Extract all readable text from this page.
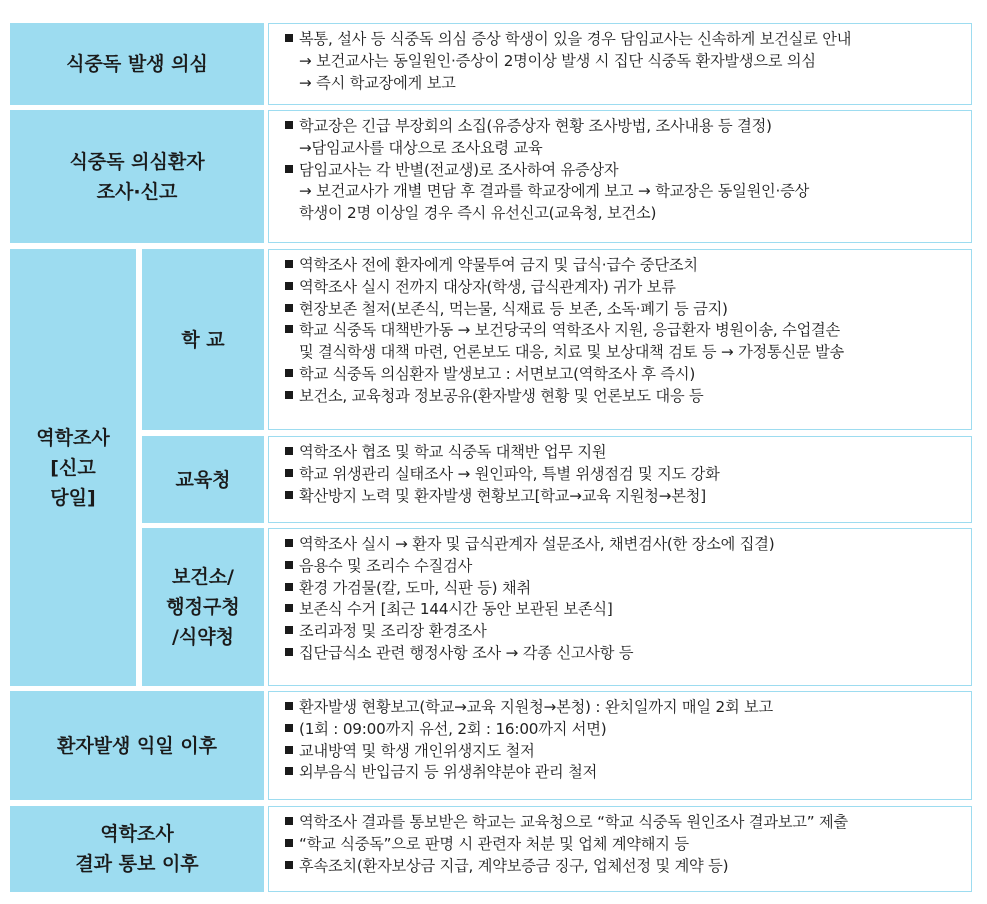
식중독 발생 의심
복통, 설사 등 식중독 의심 증상 학생이 있을 경우 담임교사는 신속하게 보건실로 안내
→ 보건교사는 동일원인·증상이 2명이상 발생 시 집단 식중독 환자발생으로 의심
→ 즉시 학교장에게 보고
식중독 의심환자
조사·신고
학교장은 긴급 부장회의 소집(유증상자 현황 조사방법, 조사내용 등 결정)
→담임교사를 대상으로 조사요령 교육
담임교사는 각 반별(전교생)로 조사하여 유증상자
→ 보건교사가 개별 면담 후 결과를 학교장에게 보고 → 학교장은 동일원인·증상
학생이 2명 이상일 경우 즉시 유선신고(교육청, 보건소)
역학조사
[신고
당일]
학 교
역학조사 전에 환자에게 약물투여 금지 및 급식·급수 중단조치
역학조사 실시 전까지 대상자(학생, 급식관계자) 귀가 보류
현장보존 철저(보존식, 먹는물, 식재료 등 보존, 소독·폐기 등 금지)
학교 식중독 대책반가동 → 보건당국의 역학조사 지원, 응급환자 병원이송, 수업결손
및 결식학생 대책 마련, 언론보도 대응, 치료 및 보상대책 검토 등 → 가정통신문 발송
학교 식중독 의심환자 발생보고 : 서면보고(역학조사 후 즉시)
보건소, 교육청과 정보공유(환자발생 현황 및 언론보도 대응 등
교육청
역학조사 협조 및 학교 식중독 대책반 업무 지원
학교 위생관리 실태조사 → 원인파악, 특별 위생점검 및 지도 강화
확산방지 노력 및 환자발생 현황보고[학교→교육 지원청→본청]
보건소/
행정구청
/식약청
역학조사 실시 → 환자 및 급식관계자 설문조사, 채변검사(한 장소에 집결)
음용수 및 조리수 수질검사
환경 가검물(칼, 도마, 식판 등) 채취
보존식 수거 [최근 144시간 동안 보관된 보존식]
조리과정 및 조리장 환경조사
집단급식소 관련 행정사항 조사 → 각종 신고사항 등
환자발생 익일 이후
환자발생 현황보고(학교→교육 지원청→본청) : 완치일까지 매일 2회 보고
(1회 : 09:00까지 유선, 2회 : 16:00까지 서면)
교내방역 및 학생 개인위생지도 철저
외부음식 반입금지 등 위생취약분야 관리 철저
역학조사
결과 통보 이후
역학조사 결과를 통보받은 학교는 교육청으로 “학교 식중독 원인조사 결과보고” 제출
“학교 식중독”으로 판명 시 관련자 처분 및 업체 계약해지 등
후속조치(환자보상금 지급, 계약보증금 징구, 업체선정 및 계약 등)
